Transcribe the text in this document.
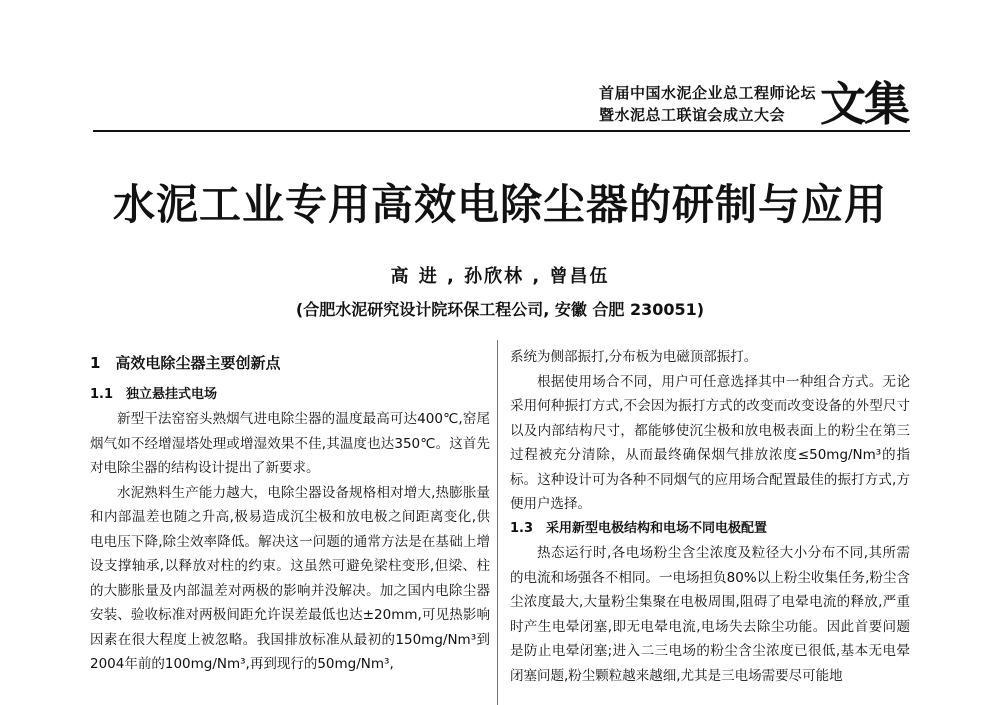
首届中国水泥企业总工程师论坛
暨水泥总工联谊会成立大会 文集
水泥工业专用高效电除尘器的研制与应用
高 进 , 孙欣林 , 曾昌伍
(合肥水泥研究设计院环保工程公司, 安徽 合肥 230051)

1　高效电除尘器主要创新点

1.1　独立悬挂式电场

新型干法窑窑头熟烟气进电除尘器的温度最高可达400℃,窑尾烟气如不经增湿塔处理或增湿效果不佳,其温度也达350℃。这首先对电除尘器的结构设计提出了新要求。

水泥熟料生产能力越大，电除尘器设备规格相对增大,热膨胀量和内部温差也随之升高,极易造成沉尘极和放电极之间距离变化,供电电压下降,除尘效率降低。解决这一问题的通常方法是在基础上增设支撑轴承,以释放对柱的约束。这虽然可避免梁柱变形,但梁、柱的大膨胀量及内部温差对两极的影响并没解决。加之国内电除尘器安装、验收标准对两极间距允许误差最低也达±20mm,可见热影响因素在很大程度上被忽略。我国排放标准从最初的150mg/Nm³到2004年前的100mg/Nm³,再到现行的50mg/Nm³,

系统为侧部振打,分布板为电磁顶部振打。

根据使用场合不同，用户可任意选择其中一种组合方式。无论采用何种振打方式,不会因为振打方式的改变而改变设备的外型尺寸以及内部结构尺寸，都能够使沉尘极和放电极表面上的粉尘在第三过程被充分清除，从而最终确保烟气排放浓度≤50mg/Nm³的指标。这种设计可为各种不同烟气的应用场合配置最佳的振打方式,方便用户选择。

1.3　采用新型电极结构和电场不同电极配置

热态运行时,各电场粉尘含尘浓度及粒径大小分布不同,其所需的电流和场强各不相同。一电场担负80%以上粉尘收集任务,粉尘含尘浓度最大,大量粉尘集聚在电极周围,阻碍了电晕电流的释放,严重时产生电晕闭塞,即无电晕电流,电场失去除尘功能。因此首要问题是防止电晕闭塞;进入二三电场的粉尘含尘浓度已很低,基本无电晕闭塞问题,粉尘颗粒越来越细,尤其是三电场需要尽可能地
